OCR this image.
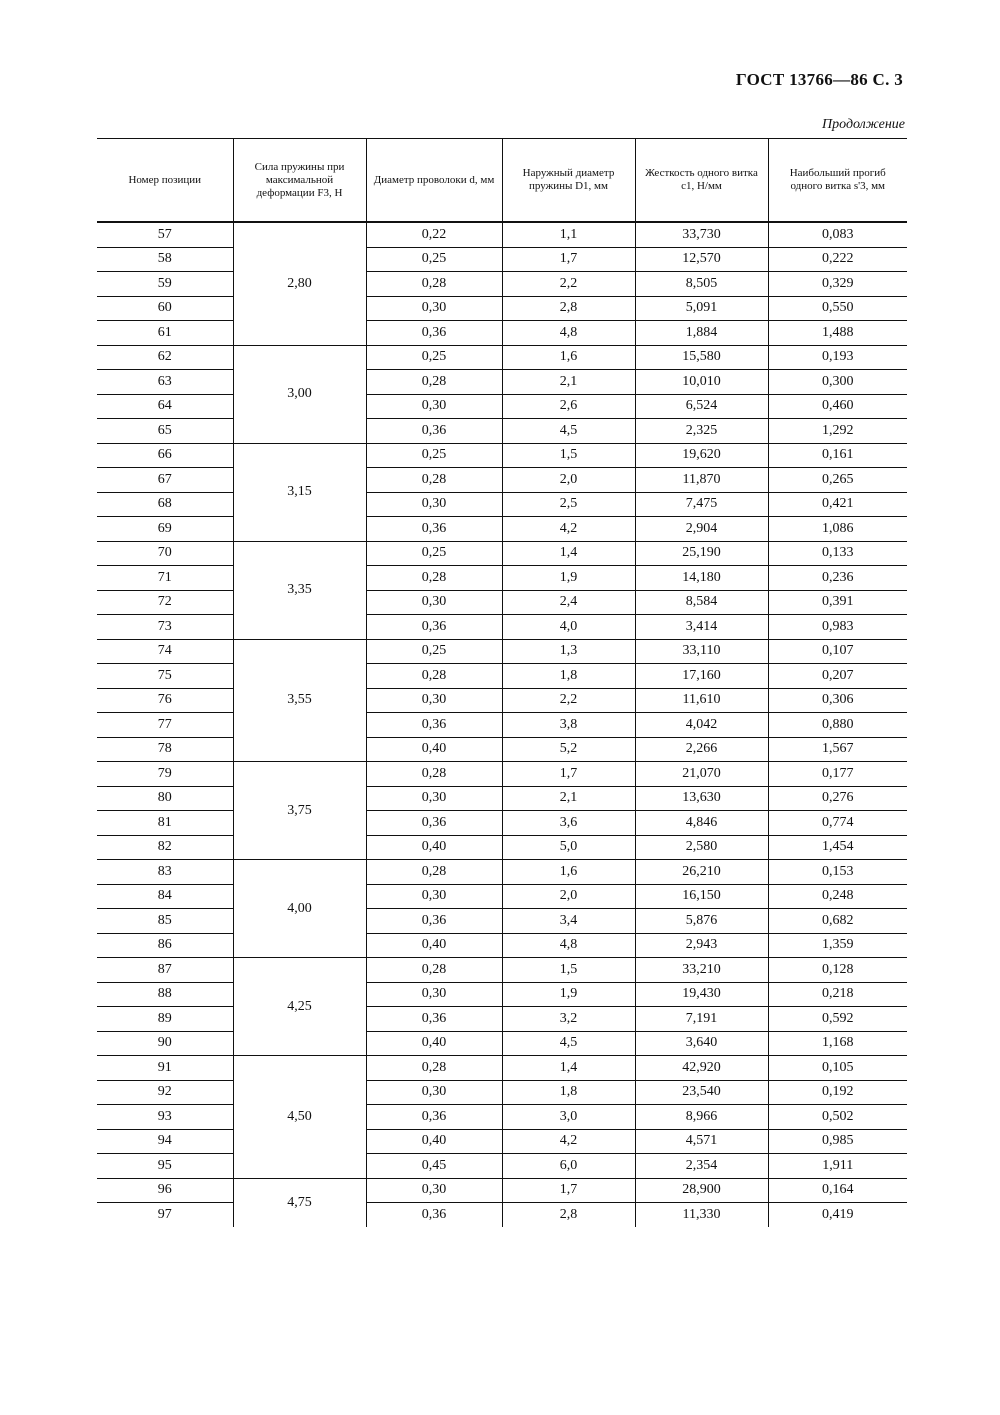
ГОСТ 13766—86 С. 3
Продолжение
Номер позиции	Сила пружины при максимальной деформации F3, Н	Диаметр проволоки d, мм	Наружный диаметр пружины D1, мм	Жесткость одного витка c1, Н/мм	Наибольший прогиб одного витка s'3, мм
57	2,80	0,22	1,1	33,730	0,083
58		0,25	1,7	12,570	0,222
59		0,28	2,2	8,505	0,329
60		0,30	2,8	5,091	0,550
61		0,36	4,8	1,884	1,488
62	3,00	0,25	1,6	15,580	0,193
63		0,28	2,1	10,010	0,300
64		0,30	2,6	6,524	0,460
65		0,36	4,5	2,325	1,292
66	3,15	0,25	1,5	19,620	0,161
67		0,28	2,0	11,870	0,265
68		0,30	2,5	7,475	0,421
69		0,36	4,2	2,904	1,086
70	3,35	0,25	1,4	25,190	0,133
71		0,28	1,9	14,180	0,236
72		0,30	2,4	8,584	0,391
73		0,36	4,0	3,414	0,983
74	3,55	0,25	1,3	33,110	0,107
75		0,28	1,8	17,160	0,207
76		0,30	2,2	11,610	0,306
77		0,36	3,8	4,042	0,880
78		0,40	5,2	2,266	1,567
79	3,75	0,28	1,7	21,070	0,177
80		0,30	2,1	13,630	0,276
81		0,36	3,6	4,846	0,774
82		0,40	5,0	2,580	1,454
83	4,00	0,28	1,6	26,210	0,153
84		0,30	2,0	16,150	0,248
85		0,36	3,4	5,876	0,682
86		0,40	4,8	2,943	1,359
87	4,25	0,28	1,5	33,210	0,128
88		0,30	1,9	19,430	0,218
89		0,36	3,2	7,191	0,592
90		0,40	4,5	3,640	1,168
91	4,50	0,28	1,4	42,920	0,105
92		0,30	1,8	23,540	0,192
93		0,36	3,0	8,966	0,502
94		0,40	4,2	4,571	0,985
95		0,45	6,0	2,354	1,911
96	4,75	0,30	1,7	28,900	0,164
97		0,36	2,8	11,330	0,419
